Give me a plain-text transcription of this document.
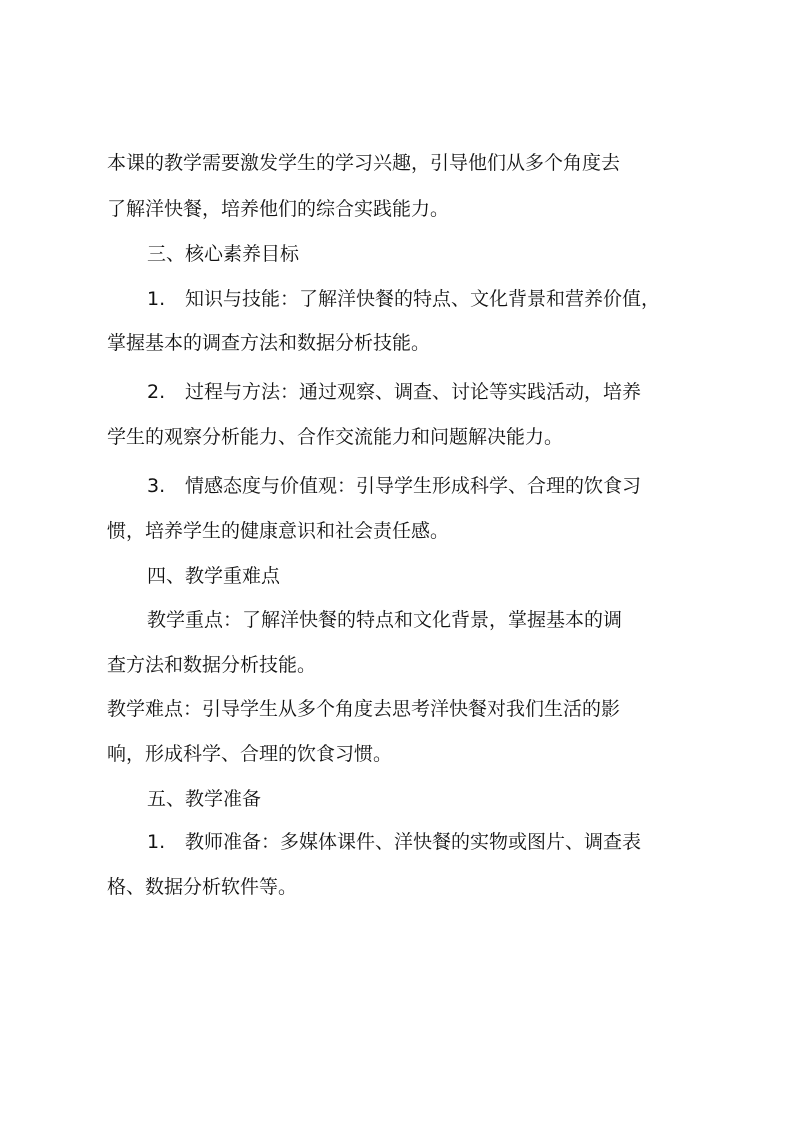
本课的教学需要激发学生的学习兴趣，引导他们从多个角度去
了解洋快餐，培养他们的综合实践能力。
三、核心素养目标
1. 知识与技能：了解洋快餐的特点、文化背景和营养价值，
掌握基本的调查方法和数据分析技能。
2. 过程与方法：通过观察、调查、讨论等实践活动，培养
学生的观察分析能力、合作交流能力和问题解决能力。
3. 情感态度与价值观：引导学生形成科学、合理的饮食习
惯，培养学生的健康意识和社会责任感。
四、教学重难点
教学重点：了解洋快餐的特点和文化背景，掌握基本的调
查方法和数据分析技能。
教学难点：引导学生从多个角度去思考洋快餐对我们生活的影
响，形成科学、合理的饮食习惯。
五、教学准备
1. 教师准备：多媒体课件、洋快餐的实物或图片、调查表
格、数据分析软件等。
